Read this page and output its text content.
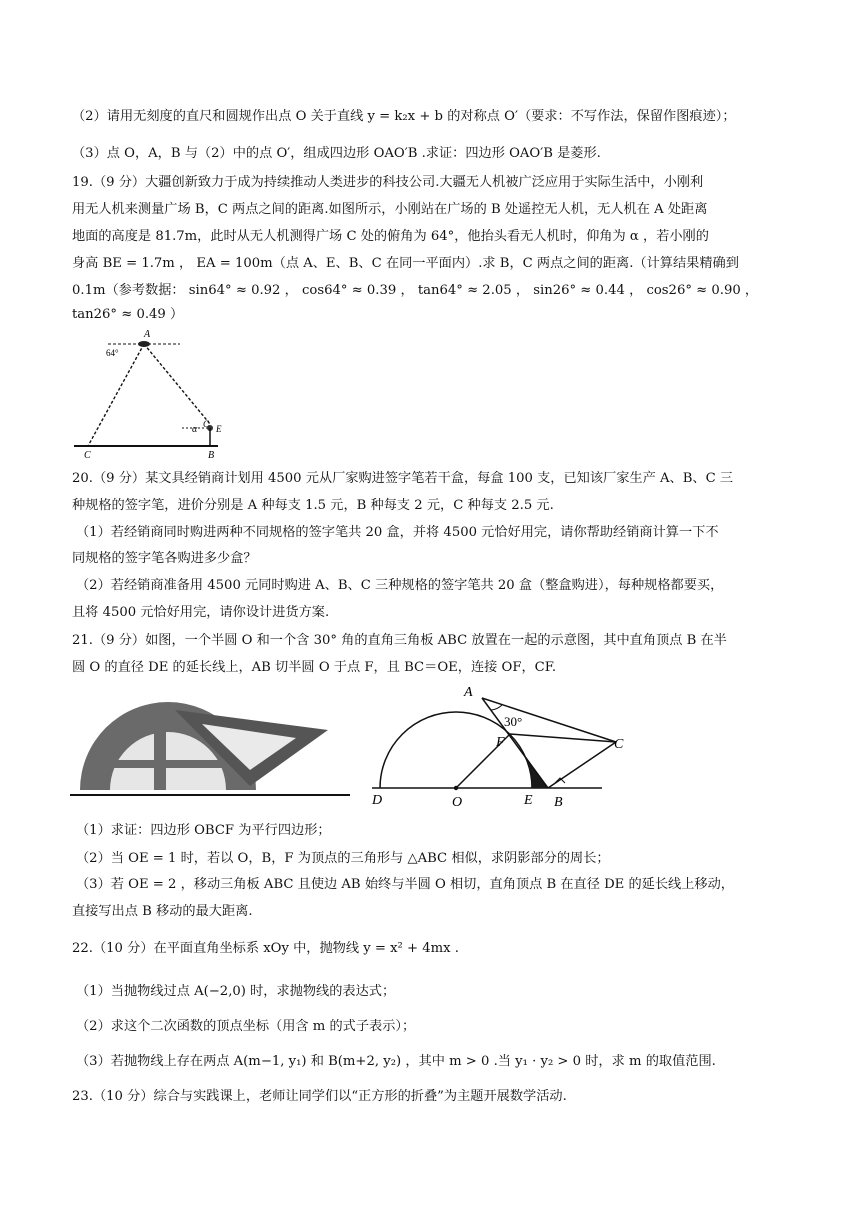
（2）请用无刻度的直尺和圆规作出点 O 关于直线 y = k₂x + b 的对称点 O′（要求：不写作法，保留作图痕迹）；
（3）点 O，A，B 与（2）中的点 O′，组成四边形 OAO′B .求证：四边形 OAO′B 是菱形.
19.（9 分）大疆创新致力于成为持续推动人类进步的科技公司.大疆无人机被广泛应用于实际生活中，小刚利
用无人机来测量广场 B，C 两点之间的距离.如图所示，小刚站在广场的 B 处遥控无人机，无人机在 A 处距离
地面的高度是 81.7m，此时从无人机测得广场 C 处的俯角为 64°，他抬头看无人机时，仰角为 α ，若小刚的
身高 BE = 1.7m ， EA = 100m（点 A、E、B、C 在同一平面内）.求 B，C 两点之间的距离.（计算结果精确到
0.1m（参考数据： sin64° ≈ 0.92 ， cos64° ≈ 0.39 ， tan64° ≈ 2.05 ， sin26° ≈ 0.44 ， cos26° ≈ 0.90 ，
tan26° ≈ 0.49 ）
A
64°
α C E
C	B
20.（9 分）某文具经销商计划用 4500 元从厂家购进签字笔若干盒，每盒 100 支，已知该厂家生产 A、B、C 三
种规格的签字笔，进价分别是 A 种每支 1.5 元，B 种每支 2 元，C 种每支 2.5 元.
（1）若经销商同时购进两种不同规格的签字笔共 20 盒，并将 4500 元恰好用完，请你帮助经销商计算一下不
同规格的签字笔各购进多少盒？
（2）若经销商准备用 4500 元同时购进 A、B、C 三种规格的签字笔共 20 盒（整盒购进），每种规格都要买，
且将 4500 元恰好用完，请你设计进货方案.
21.（9 分）如图，一个半圆 O 和一个含 30° 角的直角三角板 ABC 放置在一起的示意图，其中直角顶点 B 在半
圆 O 的直径 DE 的延长线上，AB 切半圆 O 于点 F，且 BC＝OE，连接 OF，CF.
A
30°
F	C
D	O	E B
（1）求证：四边形 OBCF 为平行四边形；
（2）当 OE = 1 时，若以 O，B，F 为顶点的三角形与 △ABC 相似，求阴影部分的周长；
（3）若 OE = 2 ，移动三角板 ABC 且使边 AB 始终与半圆 O 相切，直角顶点 B 在直径 DE 的延长线上移动，
直接写出点 B 移动的最大距离.
22.（10 分）在平面直角坐标系 xOy 中，抛物线 y = x² + 4mx .
（1）当抛物线过点 A(−2,0) 时，求抛物线的表达式；
（2）求这个二次函数的顶点坐标（用含 m 的式子表示）；
（3）若抛物线上存在两点 A(m−1, y₁) 和 B(m+2, y₂) ，其中 m > 0 .当 y₁ · y₂ > 0 时，求 m 的取值范围.
23.（10 分）综合与实践课上，老师让同学们以“正方形的折叠”为主题开展数学活动.
